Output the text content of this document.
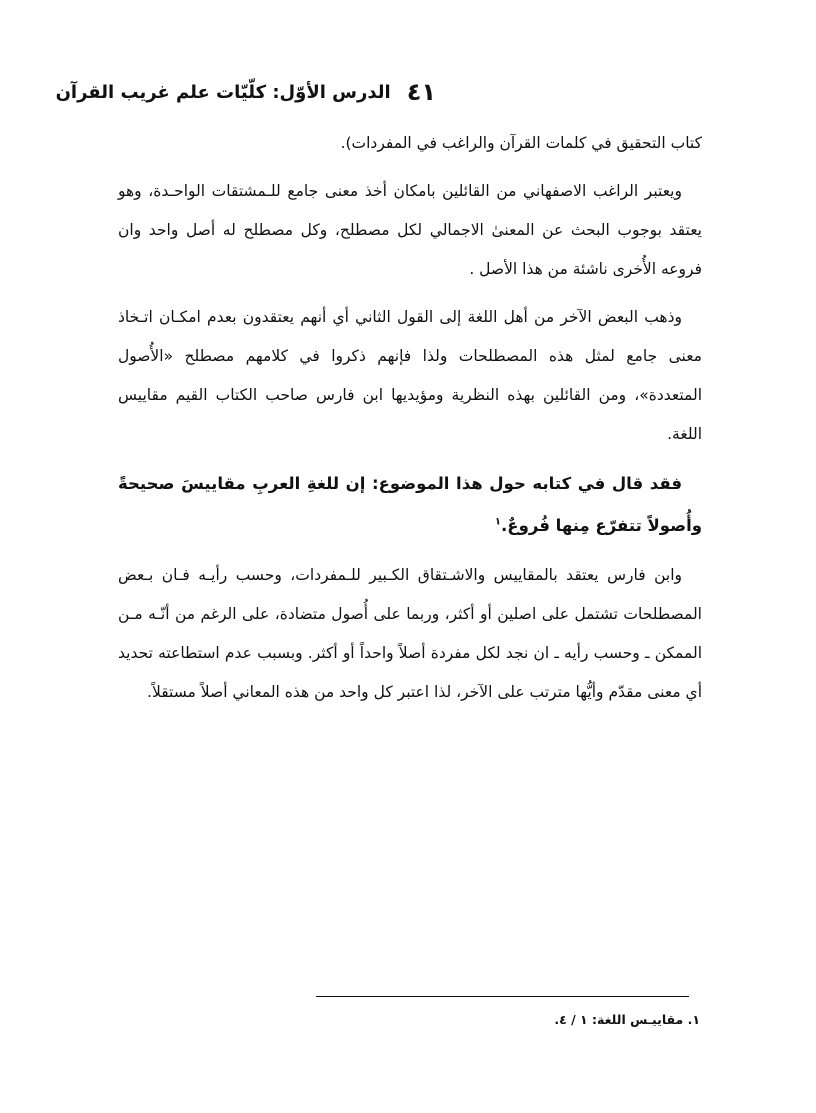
٤١
الدرس الأوّل: كلّيّات علم غريب القرآن

كتاب التحقيق في كلمات القرآن والراغب في المفردات).

ويعتبر الراغب الاصفهاني من القائلين بامكان أخذ معنى جامع للـمشتقات الواحـدة، وهو يعتقد بوجوب البحث عن المعنىٰ الاجمالي لكل مصطلح، وكل مصطلح له أصل واحد وان فروعه الأُخرى ناشئة من هذا الأصل .

وذهب البعض الآخر من أهل اللغة إلى القول الثاني أي أنهم يعتقدون بعدم امكـان اتـخاذ معنى جامع لمثل هذه المصطلحات ولذا فإنهم ذكروا في كلامهم مصطلح «الأُصول المتعددة»، ومن القائلين بهذه النظرية ومؤيديها ابن فارس صاحب الكتاب القيم مقاييس اللغة.

فقد قال في كتابه حول هذا الموضوع: إن للغةِ العربِ مقاييسَ صحيحةً وأُصولاً تتفرّع مِنها فُروعٌ.$^١$

وابن فارس يعتقد بالمقاييس والاشـتقاق الكـبير للـمفردات، وحسب رأيـه فـان بـعض المصطلحات تشتمل على اصلين أو أكثر، وربما على أُصول متضادة، على الرغم من أنّـه مـن الممكن ـ وحسب رأيه ـ ان نجد لكل مفردة أصلاً واحداً أو أكثر. وبسبب عدم استطاعته تحديد أي معنى مقدّم وأيُّها مترتب على الآخر، لذا اعتبر كل واحد من هذه المعاني أصلاً مستقلاً.

١. مقاييـس اللغة: ١ / ٤.
